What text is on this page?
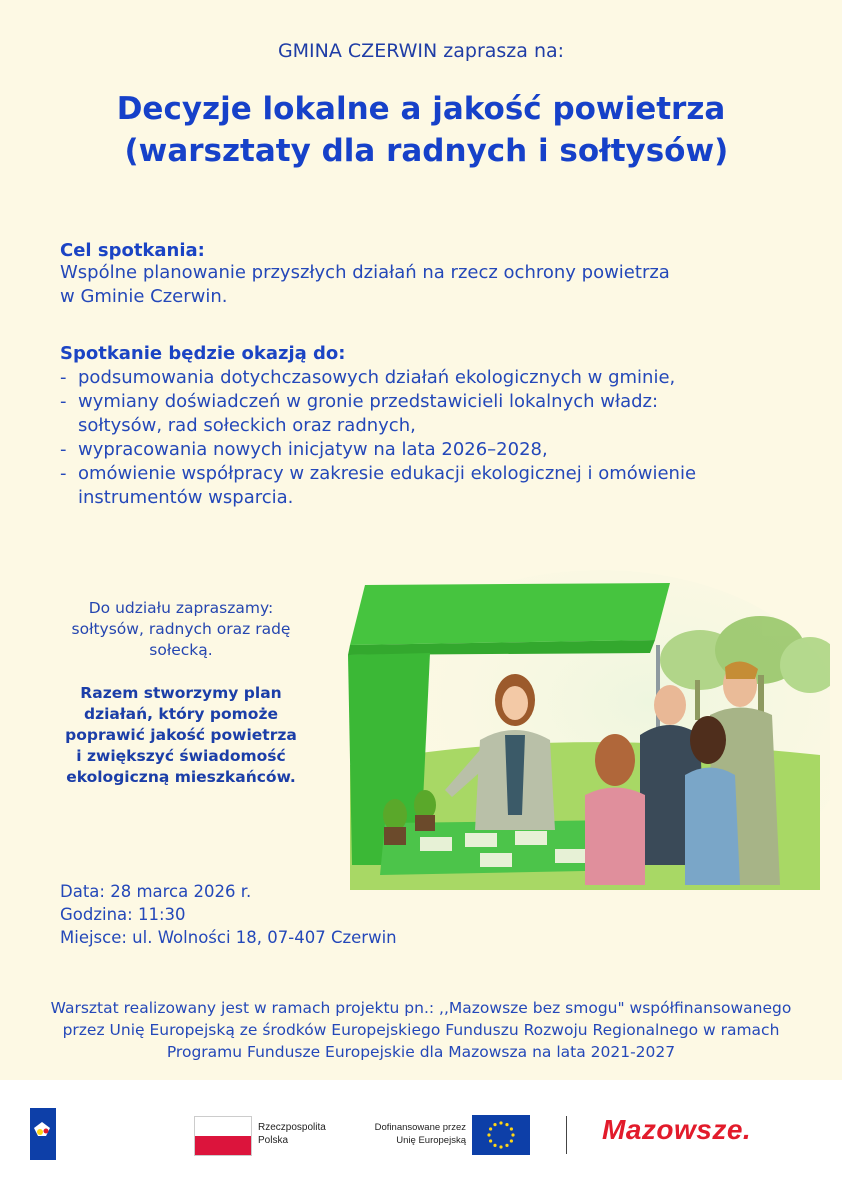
GMINA CZERWIN zaprasza na:
Decyzje lokalne a jakość powietrza
(warsztaty dla radnych i sołtysów)
Cel spotkania:
Wspólne planowanie przyszłych działań na rzecz ochrony powietrza
w Gminie Czerwin.
Spotkanie będzie okazją do:
- podsumowania dotychczasowych działań ekologicznych w gminie,
- wymiany doświadczeń w gronie przedstawicieli lokalnych władz:
sołtysów, rad sołeckich oraz radnych,
- wypracowania nowych inicjatyw na lata 2026–2028,
- omówienie współpracy w zakresie edukacji ekologicznej i omówienie
instrumentów wsparcia.
Do udziału zapraszamy:
sołtysów, radnych oraz radę
sołecką.
Razem stworzymy plan
działań, który pomoże
poprawić jakość powietrza
i zwiększyć świadomość
ekologiczną mieszkańców.
Data: 28 marca 2026 r.
Godzina: 11:30
Miejsce: ul. Wolności 18, 07-407 Czerwin
Warsztat realizowany jest w ramach projektu pn.: ,,Mazowsze bez smogu" współfinansowanego
przez Unię Europejską ze środków Europejskiego Funduszu Rozwoju Regionalnego w ramach
Programu Fundusze Europejskie dla Mazowsza na lata 2021-2027
Rzeczpospolita
Polska
Dofinansowane przez
Unię Europejską	Mazowsze.
